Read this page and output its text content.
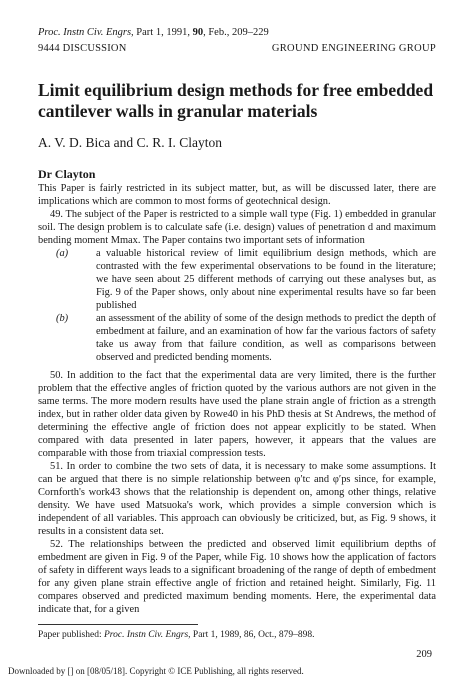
Proc. Instn Civ. Engrs, Part 1, 1991, 90, Feb., 209–229
9444 DISCUSSION	GROUND ENGINEERING GROUP
Limit equilibrium design methods for free embedded cantilever walls in granular materials
A. V. D. Bica and C. R. I. Clayton
Dr Clayton

This Paper is fairly restricted in its subject matter, but, as will be discussed later, there are implications which are common to most forms of geotechnical design.

49. The subject of the Paper is restricted to a simple wall type (Fig. 1) embedded in granular soil. The design problem is to calculate safe (i.e. design) values of penetration d and maximum bending moment Mmax. The Paper contains two important sets of information

(a)	a valuable historical review of limit equilibrium design methods, which are contrasted with the few experimental observations to be found in the literature; we have seen about 25 different methods of carrying out these analyses but, as Fig. 9 of the Paper shows, only about nine experimental results have so far been published
(b)	an assessment of the ability of some of the design methods to predict the depth of embedment at failure, and an examination of how far the various factors of safety take us away from that failure condition, as well as comparisons between observed and predicted bending moments.

50. In addition to the fact that the experimental data are very limited, there is the further problem that the effective angles of friction quoted by the various authors are not given in the same terms. The more modern results have used the plane strain angle of friction as a strength index, but in rather older data given by Rowe40 in his PhD thesis at St Andrews, the method of determining the effective angle of friction does not appear explicitly to be stated. When compared with data presented in later papers, however, it appears that the values are comparable with those from triaxial compression tests.

51. In order to combine the two sets of data, it is necessary to make some assumptions. It can be argued that there is no simple relationship between φ′tc and φ′ps since, for example, Cornforth's work43 shows that the relationship is dependent on, among other things, relative density. We have used Matsuoka's work, which provides a simple conversion which is independent of all variables. This approach can obviously be criticized, but, as Fig. 9 shows, it results in a consistent data set.

52. The relationships between the predicted and observed limit equilibrium depths of embedment are given in Fig. 9 of the Paper, while Fig. 10 shows how the application of factors of safety in different ways leads to a significant broadening of the range of depth of embedment for any given plane strain effective angle of friction and retained height. Similarly, Fig. 11 compares observed and predicted maximum bending moments. Here, the experimental data indicate that, for a given

Paper published: Proc. Instn Civ. Engrs, Part 1, 1989, 86, Oct., 879–898.
209
Downloaded by [] on [08/05/18]. Copyright © ICE Publishing, all rights reserved.
